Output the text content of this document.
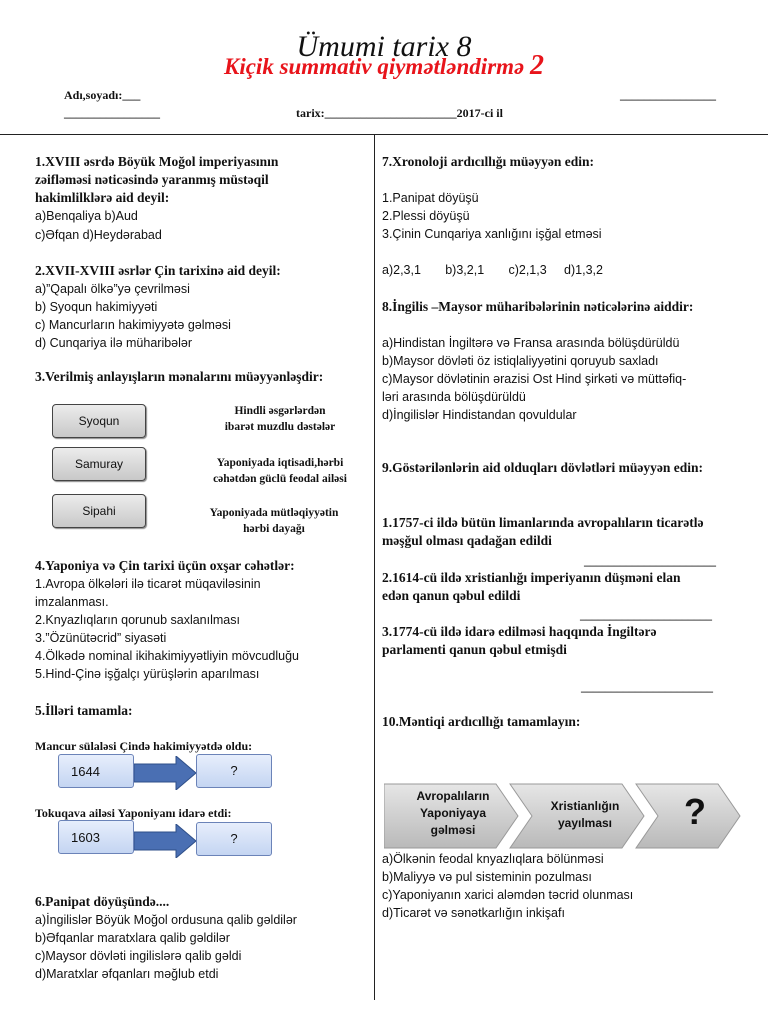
Ümumi tarix 8
Kiçik summativ qiymətləndirmə 2
Adı,soyadı:___	________________
________________	tarix:______________________2017-ci il
1.XVIII əsrdə Böyük Moğol imperiyasının zəifləməsi nəticəsində yaranmış müstəqil hakimlilklərə aid deyil:
a)Benqaliya b)Aud
c)Əfqan d)Heydərabad
2.XVII-XVIII əsrlər Çin tarixinə aid deyil:
a)”Qapalı ölkə”yə çevrilməsi
b) Syoqun hakimiyyəti
c) Mancurların hakimiyyətə gəlməsi
d) Cunqariya ilə müharibələr
3.Verilmiş anlayışların mənalarını müəyyənləşdir:
Syoqun
Samuray
Sipahi
Hindli əsgərlərdən
ibarət muzdlu dəstələr
Yaponiyada iqtisadi,hərbi
cəhətdən güclü feodal ailəsi
Yaponiyada mütləqiyyətin
hərbi dayağı
4.Yaponiya və Çin tarixi üçün oxşar cəhətlər:
1.Avropa ölkələri ilə ticarət müqaviləsinin
imzalanması.
2.Knyazlıqların qorunub saxlanılması
3.”Özünütəcrid” siyasəti
4.Ölkədə nominal ikihakimiyyətliyin mövcudluğu
5.Hind-Çinə işğalçı yürüşlərin aparılması
5.İlləri tamamla:
Mancur sülaləsi Çində hakimiyyətdə oldu:
1644	?
Tokuqava ailəsi Yaponiyanı idarə etdi:
1603	?
6.Panipat döyüşündə....
a)İngilislər Böyük Moğol ordusuna qalib gəldilər
b)Əfqanlar maratxlara qalib gəldilər
c)Maysor dövləti ingilislərə qalib gəldi
d)Maratxlar əfqanları məğlub etdi
7.Xronoloji ardıcıllığı müəyyən edin:
1.Panipat döyüşü
2.Plessi döyüşü
3.Çinin Cunqariya xanlığını işğal etməsi
a)2,3,1       b)3,2,1       c)2,1,3     d)1,3,2
8.İngilis –Maysor müharibələrinin nəticələrinə aiddir:
a)Hindistan İngiltərə və Fransa arasında bölüşdürüldü
b)Maysor dövləti öz istiqlaliyyətini qoruyub saxladı
c)Maysor dövlətinin ərazisi Ost Hind şirkəti və müttəfiq-
ləri arasında bölüşdürüldü
d)İngilislər Hindistandan qovuldular
9.Göstərilənlərin aid olduqları dövlətləri müəyyən edin:
1.1757-ci ildə bütün limanlarında avropalıların ticarətlə
məşğul olması qadağan edildi
______________________
2.1614-cü ildə xristianlığı imperiyanın düşməni elan
edən qanun qəbul edildi
______________________
3.1774-cü ildə idarə edilməsi haqqında İngiltərə
parlamenti qanun qəbul etmişdi
______________________
10.Məntiqi ardıcıllığı tamamlayın:
Avropalıların
Yaponiyaya
gəlməsi
Xristianlığın
yayılması	?
a)Ölkənin feodal knyazlıqlara bölünməsi
b)Maliyyə və pul sisteminin pozulması
c)Yaponiyanın xarici aləmdən təcrid olunması
d)Ticarət və sənətkarlığın inkişafı
